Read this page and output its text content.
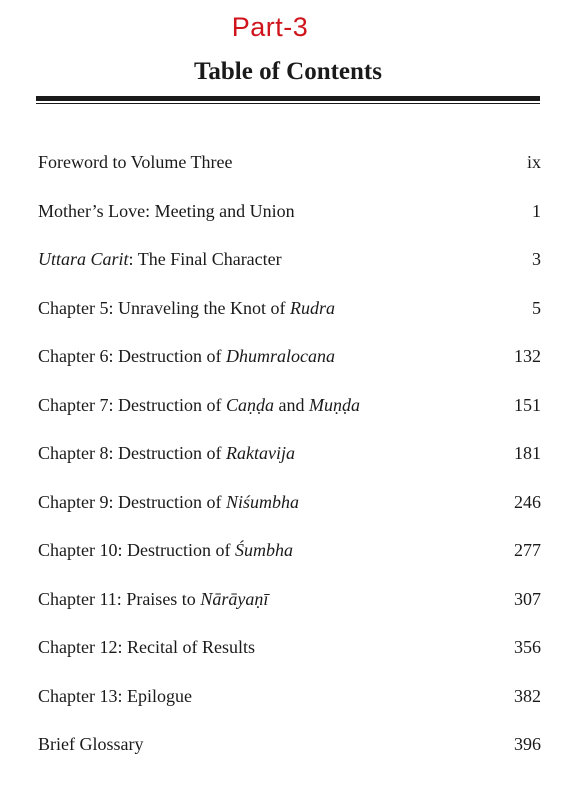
Part-3
Table of Contents
Foreword to Volume Three	ix
Mother’s Love: Meeting and Union	1
Uttara Carit: The Final Character	3
Chapter 5: Unraveling the Knot of Rudra	5
Chapter 6: Destruction of Dhumralocana	132
Chapter 7: Destruction of Caṇḍa and Muṇḍa	151
Chapter 8: Destruction of Raktavija	181
Chapter 9: Destruction of Niśumbha	246
Chapter 10: Destruction of Śumbha	277
Chapter 11: Praises to Nārāyaṇī	307
Chapter 12: Recital of Results	356
Chapter 13: Epilogue	382
Brief Glossary	396
